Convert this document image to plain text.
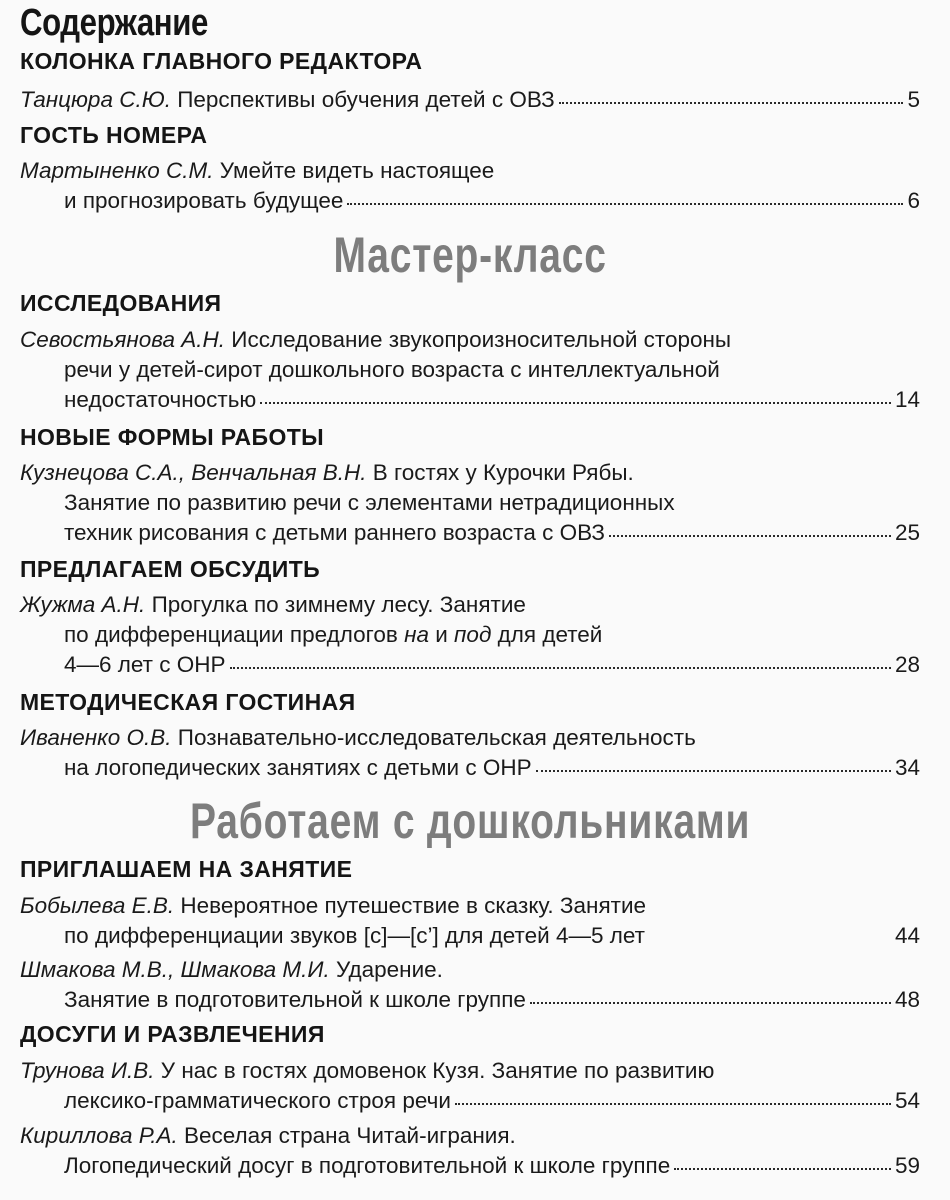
Содержание
КОЛОНКА ГЛАВНОГО РЕДАКТОРА
Танцюра С.Ю. Перспективы обучения детей с ОВЗ	5
ГОСТЬ НОМЕРА
Мартыненко С.М. Умейте видеть настоящее
и прогнозировать будущее	6
Мастер-класс
ИССЛЕДОВАНИЯ
Севостьянова А.Н. Исследование звукопроизносительной стороны
речи у детей-сирот дошкольного возраста с интеллектуальной
недостаточностью	14
НОВЫЕ ФОРМЫ РАБОТЫ
Кузнецова С.А., Венчальная В.Н. В гостях у Курочки Рябы.
Занятие по развитию речи с элементами нетрадиционных
техник рисования с детьми раннего возраста с ОВЗ	25
ПРЕДЛАГАЕМ ОБСУДИТЬ
Жужма А.Н. Прогулка по зимнему лесу. Занятие
по дифференциации предлогов на и под для детей
4—6 лет с ОНР	28
МЕТОДИЧЕСКАЯ ГОСТИНАЯ
Иваненко О.В. Познавательно-исследовательская деятельность
на логопедических занятиях с детьми с ОНР	34
Работаем с дошкольниками
ПРИГЛАШАЕМ НА ЗАНЯТИЕ
Бобылева Е.В. Невероятное путешествие в сказку. Занятие
по дифференциации звуков [с]—[с’] для детей 4—5 лет	44
Шмакова М.В., Шмакова М.И. Ударение.
Занятие в подготовительной к школе группе	48
ДОСУГИ И РАЗВЛЕЧЕНИЯ
Трунова И.В. У нас в гостях домовенок Кузя. Занятие по развитию
лексико-грамматического строя речи	54
Кириллова Р.А. Веселая страна Читай-играния.
Логопедический досуг в подготовительной к школе группе	59
